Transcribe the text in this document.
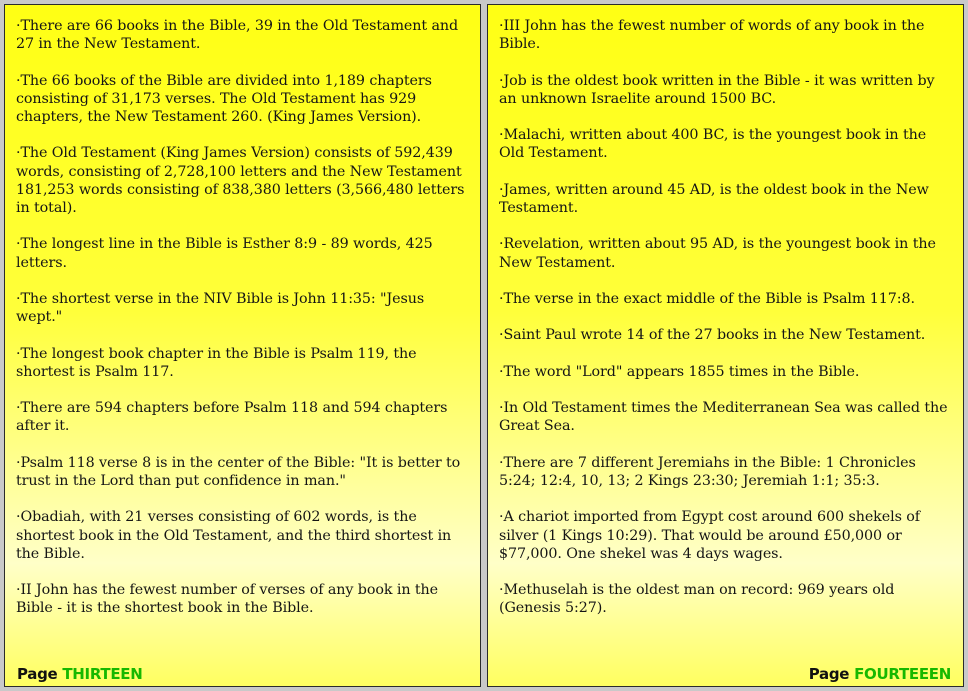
·There are 66 books in the Bible, 39 in the Old Testament and 27 in the New Testament.
·The 66 books of the Bible are divided into 1,189 chapters consisting of 31,173 verses. The Old Testament has 929 chapters, the New Testament 260. (King James Version).
·The Old Testament (King James Version) consists of 592,439 words, consisting of 2,728,100 letters and the New Testament 181,253 words consisting of 838,380 letters (3,566,480 letters in total).
·The longest line in the Bible is Esther 8:9 - 89 words, 425 letters.
·The shortest verse in the NIV Bible is John 11:35: "Jesus wept."
·The longest book chapter in the Bible is Psalm 119, the shortest is Psalm 117.
·There are 594 chapters before Psalm 118 and 594 chapters after it.
·Psalm 118 verse 8 is in the center of the Bible: "It is better to trust in the Lord than put confidence in man."
·Obadiah, with 21 verses consisting of 602 words, is the shortest book in the Old Testament, and the third shortest in the Bible.
·II John has the fewest number of verses of any book in the Bible - it is the shortest book in the Bible.
Page THIRTEEN
·III John has the fewest number of words of any book in the Bible.
·Job is the oldest book written in the Bible - it was written by an unknown Israelite around 1500 BC.
·Malachi, written about 400 BC, is the youngest book in the Old Testament.
·James, written around 45 AD, is the oldest book in the New Testament.
·Revelation, written about 95 AD, is the youngest book in the New Testament.
·The verse in the exact middle of the Bible is Psalm 117:8.
·Saint Paul wrote 14 of the 27 books in the New Testament.
·The word "Lord" appears 1855 times in the Bible.
·In Old Testament times the Mediterranean Sea was called the Great Sea.
·There are 7 different Jeremiahs in the Bible: 1 Chronicles 5:24; 12:4, 10, 13; 2 Kings 23:30; Jeremiah 1:1; 35:3.
·A chariot imported from Egypt cost around 600 shekels of silver (1 Kings 10:29). That would be around £50,000 or $77,000. One shekel was 4 days wages.
·Methuselah is the oldest man on record: 969 years old (Genesis 5:27).
Page FOURTEEEN
